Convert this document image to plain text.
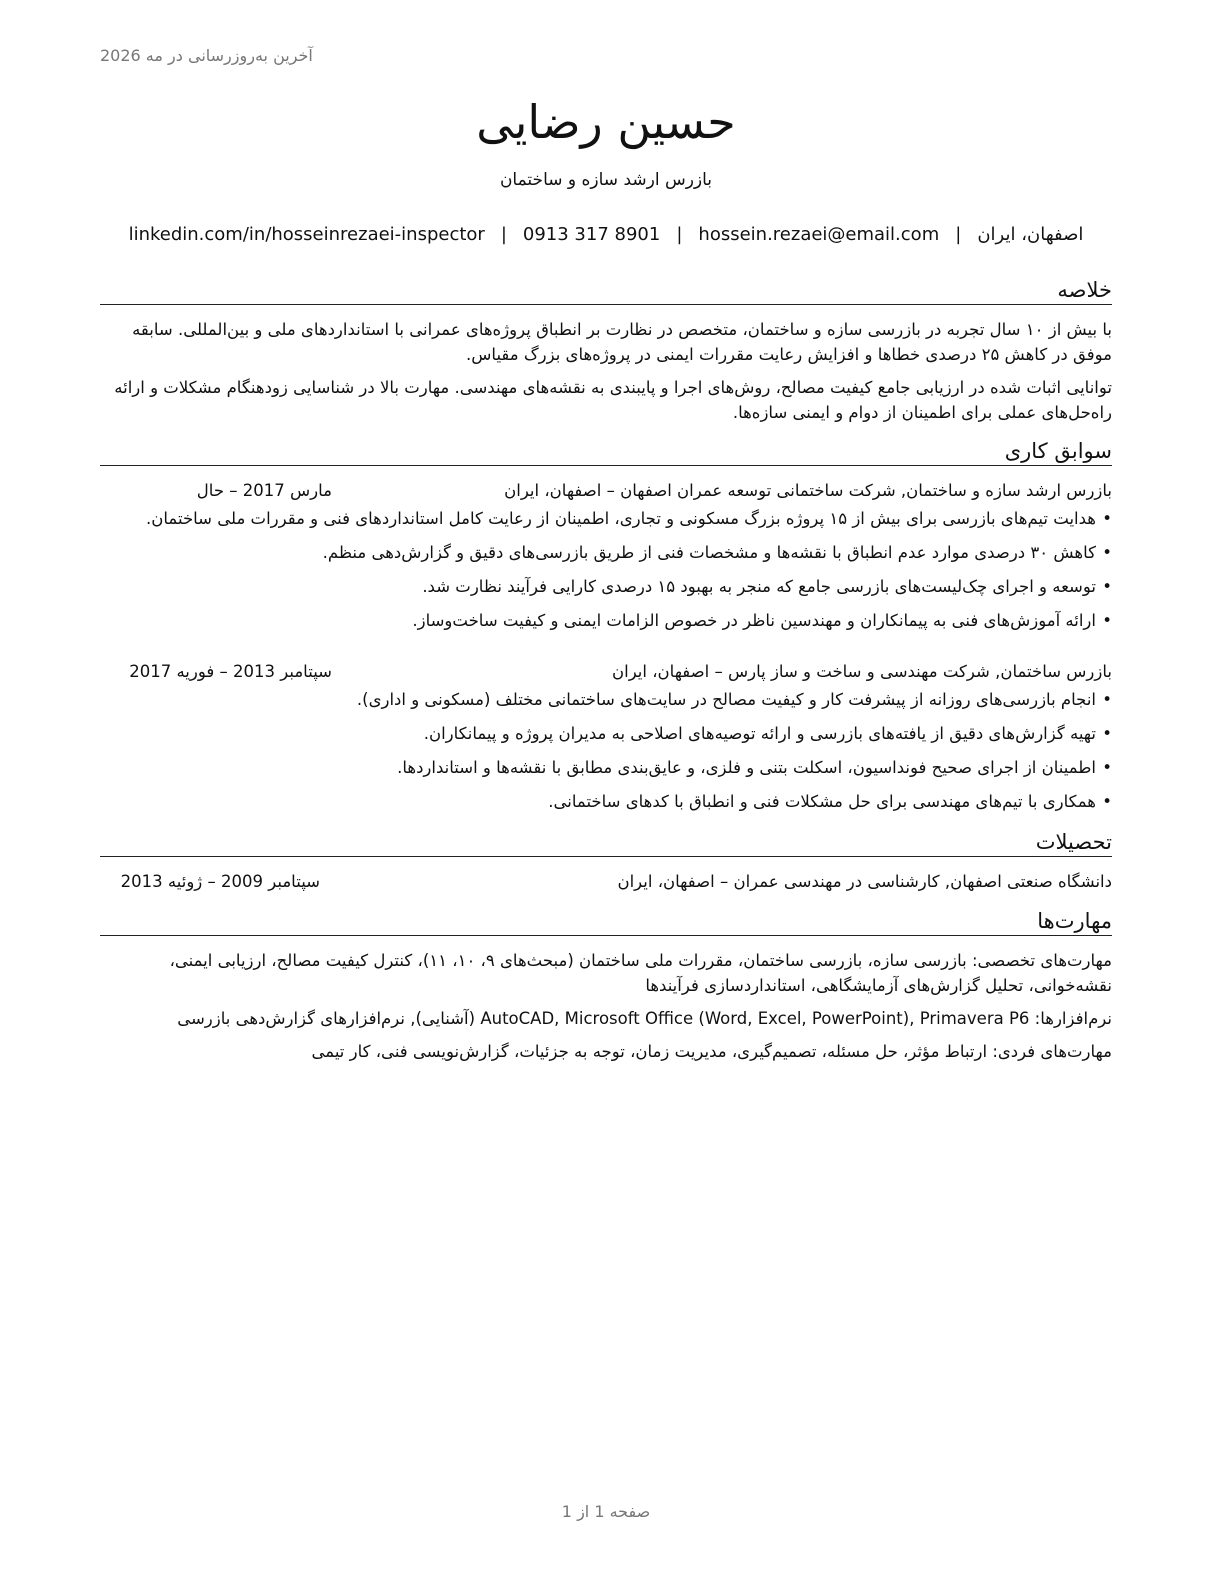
آخرین به‌روزرسانی در مه 2026
حسین رضایی
بازرس ارشد سازه و ساختمان
اصفهان، ایران|hossein.rezaei@email.com|0913 317 8901|linkedin.com/in/hosseinrezaei-inspector
خلاصه

با بیش از ۱۰ سال تجربه در بازرسی سازه و ساختمان، متخصص در نظارت بر انطباق پروژه‌های عمرانی با استانداردهای ملی و بین‌المللی. سابقه موفق در کاهش ۲۵ درصدی خطاها و افزایش رعایت مقررات ایمنی در پروژه‌های بزرگ مقیاس.

توانایی اثبات شده در ارزیابی جامع کیفیت مصالح، روش‌های اجرا و پایبندی به نقشه‌های مهندسی. مهارت بالا در شناسایی زودهنگام مشکلات و ارائه راه‌حل‌های عملی برای اطمینان از دوام و ایمنی سازه‌ها.

سوابق کاری
بازرس ارشد سازه و ساختمان, شرکت ساختمانی توسعه عمران اصفهان – اصفهان، ایران
مارس 2017 – حال
• هدایت تیم‌های بازرسی برای بیش از ۱۵ پروژه بزرگ مسکونی و تجاری، اطمینان از رعایت کامل استانداردهای فنی و مقررات ملی ساختمان.
• کاهش ۳۰ درصدی موارد عدم انطباق با نقشه‌ها و مشخصات فنی از طریق بازرسی‌های دقیق و گزارش‌دهی منظم.
• توسعه و اجرای چک‌لیست‌های بازرسی جامع که منجر به بهبود ۱۵ درصدی کارایی فرآیند نظارت شد.
• ارائه آموزش‌های فنی به پیمانکاران و مهندسین ناظر در خصوص الزامات ایمنی و کیفیت ساخت‌وساز.
بازرس ساختمان, شرکت مهندسی و ساخت و ساز پارس – اصفهان، ایران
سپتامبر 2013 – فوریه 2017
• انجام بازرسی‌های روزانه از پیشرفت کار و کیفیت مصالح در سایت‌های ساختمانی مختلف (مسکونی و اداری).
• تهیه گزارش‌های دقیق از یافته‌های بازرسی و ارائه توصیه‌های اصلاحی به مدیران پروژه و پیمانکاران.
• اطمینان از اجرای صحیح فونداسیون، اسکلت بتنی و فلزی، و عایق‌بندی مطابق با نقشه‌ها و استانداردها.
• همکاری با تیم‌های مهندسی برای حل مشکلات فنی و انطباق با کدهای ساختمانی.
تحصیلات
دانشگاه صنعتی اصفهان, کارشناسی در مهندسی عمران – اصفهان، ایران
سپتامبر 2009 – ژوئیه 2013
مهارت‌ها

مهارت‌های تخصصی: بازرسی سازه، بازرسی ساختمان، مقررات ملی ساختمان (مبحث‌های ۹، ۱۰، ۱۱)، کنترل کیفیت مصالح، ارزیابی ایمنی، نقشه‌خوانی، تحلیل گزارش‌های آزمایشگاهی، استانداردسازی فرآیندها

نرم‌افزارها: AutoCAD, Microsoft Office (Word, Excel, PowerPoint), Primavera P6 (آشنایی), نرم‌افزارهای گزارش‌دهی بازرسی

مهارت‌های فردی: ارتباط مؤثر، حل مسئله، تصمیم‌گیری، مدیریت زمان، توجه به جزئیات، گزارش‌نویسی فنی، کار تیمی

صفحه 1 از 1
